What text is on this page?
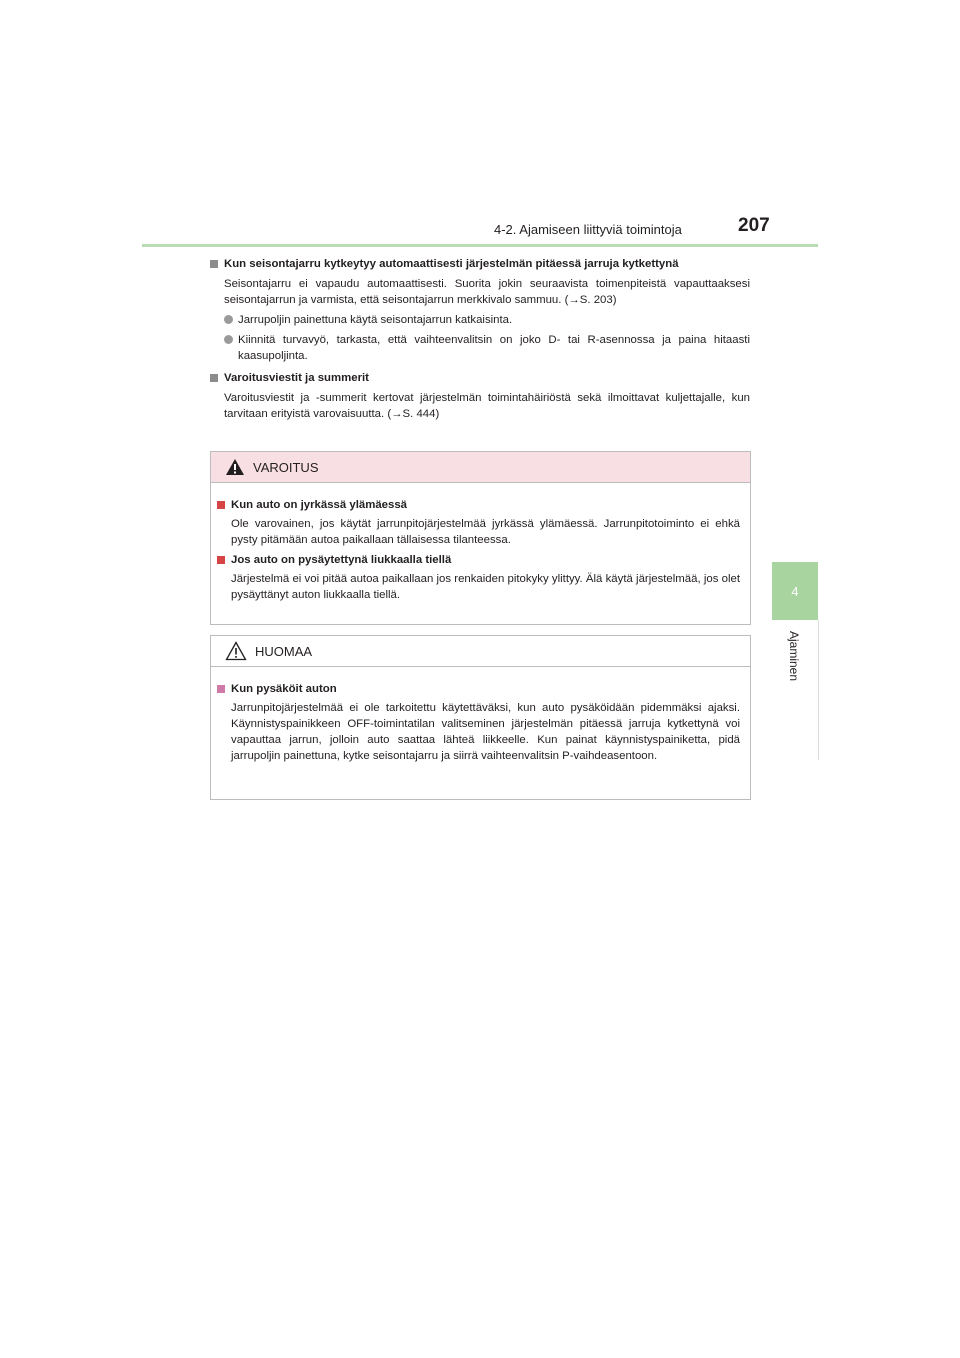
4-2. Ajamiseen liittyviä toimintoja	207
4
Ajaminen
Kun seisontajarru kytkeytyy automaattisesti järjestelmän pitäessä jarruja kytkettynä
Seisontajarru ei vapaudu automaattisesti. Suorita jokin seuraavista toimenpiteistä vapauttaaksesi seisontajarrun ja varmista, että seisontajarrun merkkivalo sammuu. (→S. 203)
Jarrupoljin painettuna käytä seisontajarrun katkaisinta.
Kiinnitä turvavyö, tarkasta, että vaihteenvalitsin on joko D- tai R-asennossa ja paina hitaasti kaasupoljinta.
Varoitusviestit ja summerit
Varoitusviestit ja -summerit kertovat järjestelmän toimintahäiriöstä sekä ilmoittavat kuljettajalle, kun tarvitaan erityistä varovaisuutta. (→S. 444)
VAROITUS
Kun auto on jyrkässä ylämäessä
Ole varovainen, jos käytät jarrunpitojärjestelmää jyrkässä ylämäessä. Jarrunpitotoiminto ei ehkä pysty pitämään autoa paikallaan tällaisessa tilanteessa.
Jos auto on pysäytettynä liukkaalla tiellä
Järjestelmä ei voi pitää autoa paikallaan jos renkaiden pitokyky ylittyy. Älä käytä järjestelmää, jos olet pysäyttänyt auton liukkaalla tiellä.
HUOMAA
Kun pysäköit auton
Jarrunpitojärjestelmää ei ole tarkoitettu käytettäväksi, kun auto pysäköidään pidemmäksi ajaksi. Käynnistyspainikkeen OFF-toimintatilan valitseminen järjestelmän pitäessä jarruja kytkettynä voi vapauttaa jarrun, jolloin auto saattaa lähteä liikkeelle. Kun painat käynnistyspainiketta, pidä jarrupoljin painettuna, kytke seisontajarru ja siirrä vaihteenvalitsin P-vaihdeasentoon.
